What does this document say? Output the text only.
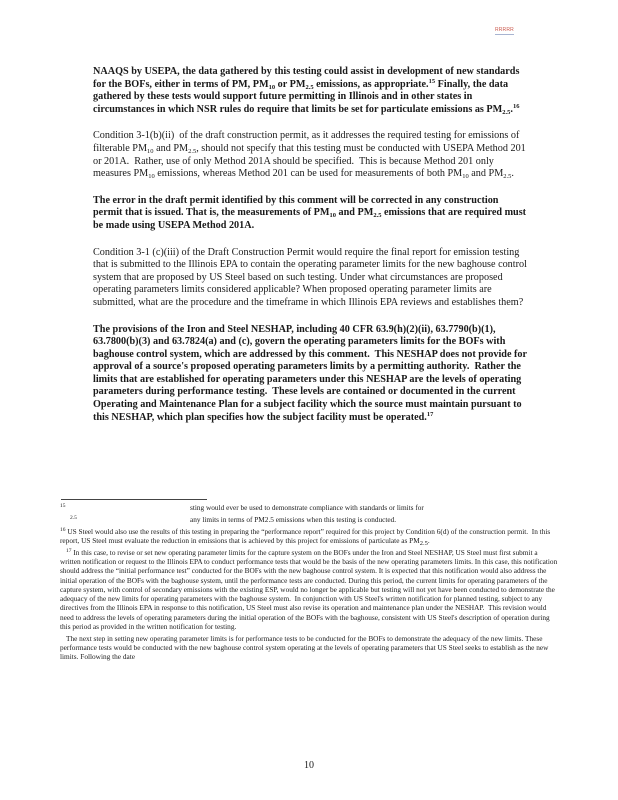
RRRRR

NAAQS by USEPA, the data gathered by this testing could assist in development of new standards for the BOFs, either in terms of PM, $PM_{10}$ or $PM_{2.5}$ emissions, as appropriate.$^{15}$ Finally, the data gathered by these tests would support future permitting in Illinois and in other states in circumstances in which NSR rules do require that limits be set for particulate emissions as $PM_{2.5}.^{16}$

Condition 3-1(b)(ii)  of the draft construction permit, as it addresses the required testing for emissions of  filterable $PM_{10}$ and $PM_{2.5}$, should not specify that this testing must be conducted with USEPA Method 201 or 201A.  Rather, use of only Method 201A should be specified.  This is because Method 201 only measures $PM_{10}$ emissions, whereas Method 201 can be used for measurements of both $PM_{10}$ and $PM_{2.5}$.

The error in the draft permit identified by this comment will be corrected in any construction permit that is issued. That is, the measurements of $PM_{10}$ and $PM_{2.5}$ emissions that are required must be made using USEPA Method 201A.

Condition 3-1 (c)(iii) of the Draft Construction Permit would require the final report for emission testing that is submitted to the Illinois EPA to contain the operating parameter limits for the new baghouse control system that are proposed by US Steel based on such testing. Under what circumstances are proposed operating parameters limits considered applicable? When proposed operating parameter limits are submitted, what are the procedure and the timeframe in which Illinois EPA reviews and establishes them?

The provisions of the Iron and Steel NESHAP, including 40 CFR 63.9(h)(2)(ii), 63.7790(b)(1), 63.7800(b)(3) and 63.7824(a) and (c), govern the operating parameters limits for the BOFs with baghouse control system, which are addressed by this comment.  This NESHAP does not provide for approval of a source's proposed operating parameters limits by a permitting authority.  Rather the limits that are established for operating parameters under this NESHAP are the levels of operating parameters during performance testing.  These levels are contained or documented in the current Operating and Maintenance Plan for a subject facility which the source must maintain pursuant to this NESHAP, which plan specifies how the subject facility must be operated.$^{17}$

$^{15}$	sting would ever be used to demonstrate compliance with standards or limits for
$^{2.5}$	any limits in terms of PM2.5 emissions when this testing is conducted.

$^{16}$ US Steel would also use the results of this testing in preparing the “performance report” required for this project by Condition 6(d) of the construction permit.  In this report, US Steel must evaluate the reduction in emissions that is achieved by this project for emissions of particulate as $PM_{2.5}$.

$^{17}$ In this case, to revise or set new operating parameter limits for the capture system on the BOFs under the Iron and Steel NESHAP, US Steel must first submit a written notification or request to the Illinois EPA to conduct performance tests that would be the basis of the new operating parameters limits. In this case, this notification should address the “initial performance test” conducted for the BOFs with the new baghouse control system. It is expected that this notification would also address the initial operation of the BOFs with the baghouse system, until the performance tests are conducted. During this period, the current limits for operating parameters of the capture system, with control of secondary emissions with the existing ESP, would no longer be applicable but testing will not yet have been conducted to demonstrate the adequacy of the new limits for operating parameters with the baghouse system.  In conjunction with US Steel's written notification for planned testing, subject to any directives from the Illinois EPA in response to this notification, US Steel must also revise its operation and maintenance plan under the NESHAP.  This revision would need to address the levels of operating parameters during the initial operation of the BOFs with the baghouse, consistent with US Steel's description of operation during this period as provided in the written notification for testing.

The next step in setting new operating parameter limits is for performance tests to be conducted for the BOFs to demonstrate the adequacy of the new limits. These performance tests would be conducted with the new baghouse control system operating at the levels of operating parameters that US Steel seeks to establish as the new limits. Following the date

10
